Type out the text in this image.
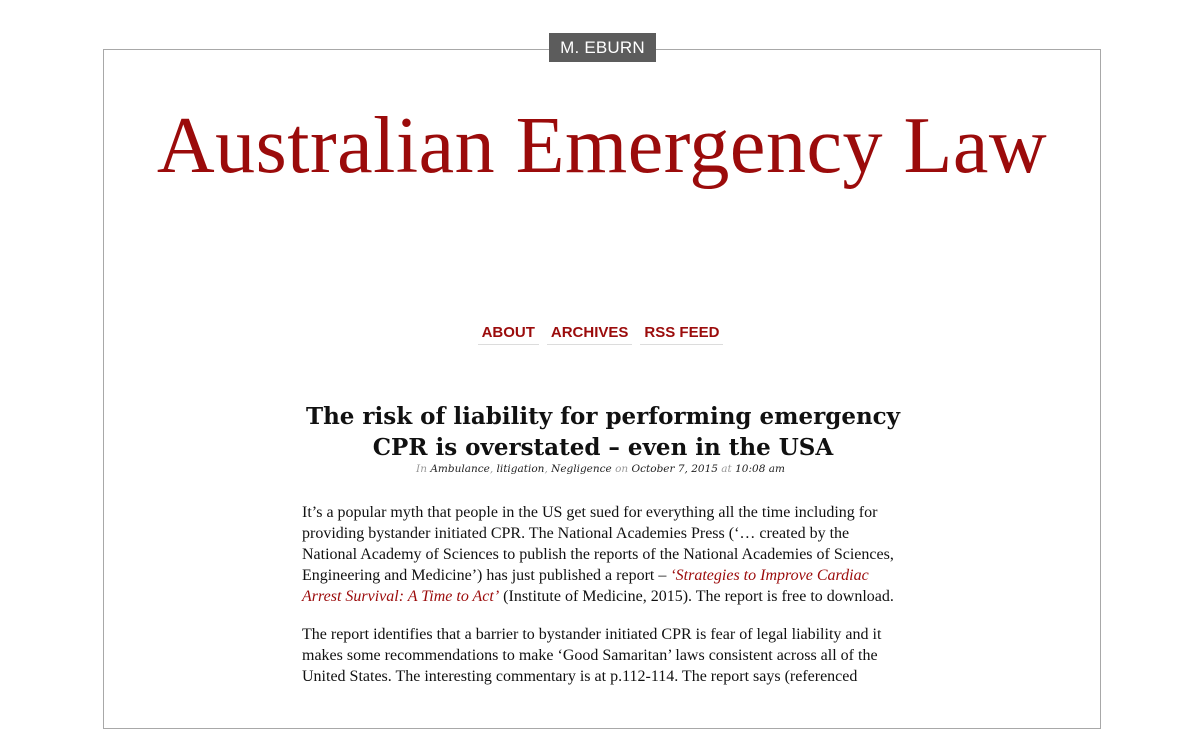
M. EBURN
Australian Emergency Law
ABOUT ARCHIVES RSS FEED
The risk of liability for performing emergency CPR is overstated – even in the USA
In Ambulance, litigation, Negligence on October 7, 2015 at 10:08 am

It’s a popular myth that people in the US get sued for everything all the time including for providing bystander initiated CPR. The National Academies Press (‘… created by the National Academy of Sciences to publish the reports of the National Academies of Sciences, Engineering and Medicine’) has just published a report – ‘Strategies to Improve Cardiac Arrest Survival: A Time to Act’ (Institute of Medicine, 2015). The report is free to download.

The report identifies that a barrier to bystander initiated CPR is fear of legal liability and it makes some recommendations to make ‘Good Samaritan’ laws consistent across all of the United States. The interesting commentary is at p.112-114. The report says (referenced
